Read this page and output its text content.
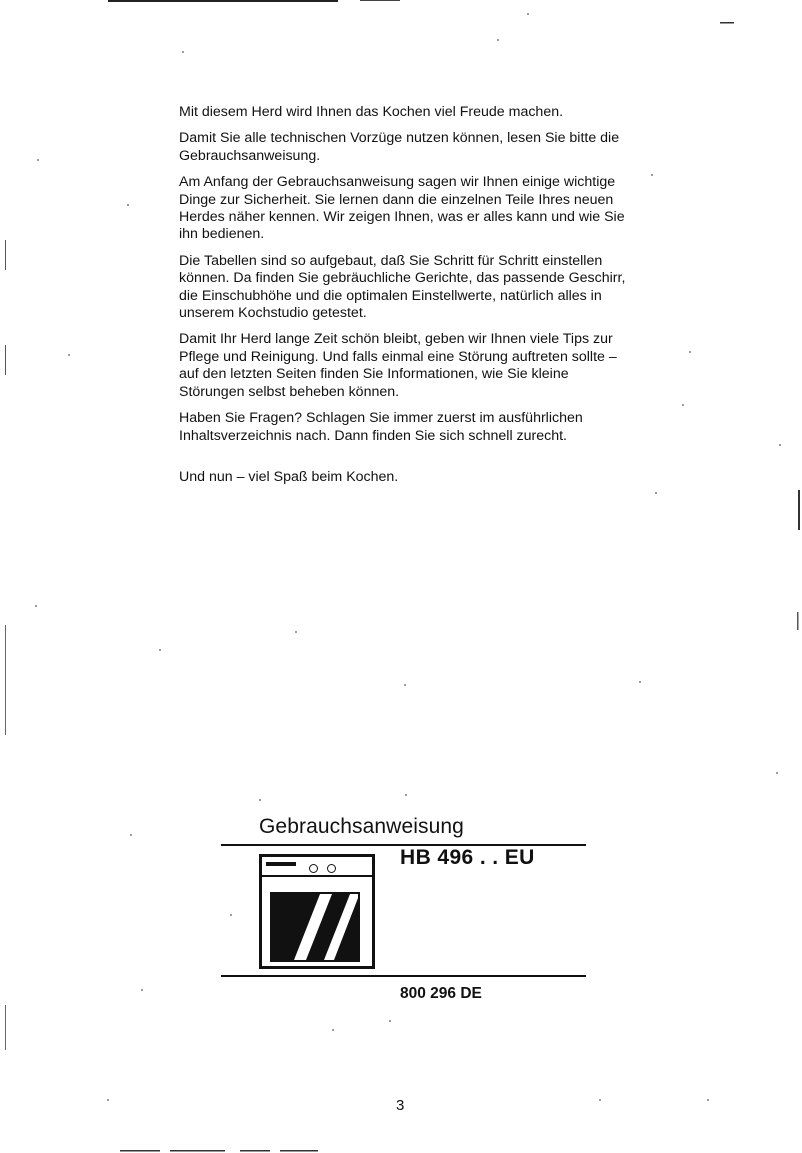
Mit diesem Herd wird Ihnen das Kochen viel Freude machen.

Damit Sie alle technischen Vorzüge nutzen können, lesen Sie bitte die Gebrauchsanweisung.

Am Anfang der Gebrauchsanweisung sagen wir Ihnen einige wichtige Dinge zur Sicherheit. Sie lernen dann die einzelnen Teile Ihres neuen Herdes näher kennen. Wir zeigen Ihnen, was er alles kann und wie Sie ihn bedienen.

Die Tabellen sind so aufgebaut, daß Sie Schritt für Schritt einstellen können. Da finden Sie gebräuchliche Gerichte, das passende Geschirr, die Einschubhöhe und die optimalen Einstellwerte, natürlich alles in unserem Kochstudio getestet.

Damit Ihr Herd lange Zeit schön bleibt, geben wir Ihnen viele Tips zur Pflege und Reinigung. Und falls einmal eine Störung auftreten sollte – auf den letzten Seiten finden Sie Informationen, wie Sie kleine Störungen selbst beheben können.

Haben Sie Fragen? Schlagen Sie immer zuerst im ausführlichen Inhaltsverzeichnis nach. Dann finden Sie sich schnell zurecht.

Und nun – viel Spaß beim Kochen.

Gebrauchsanweisung
HB 496 . . EU
800 296 DE
3
